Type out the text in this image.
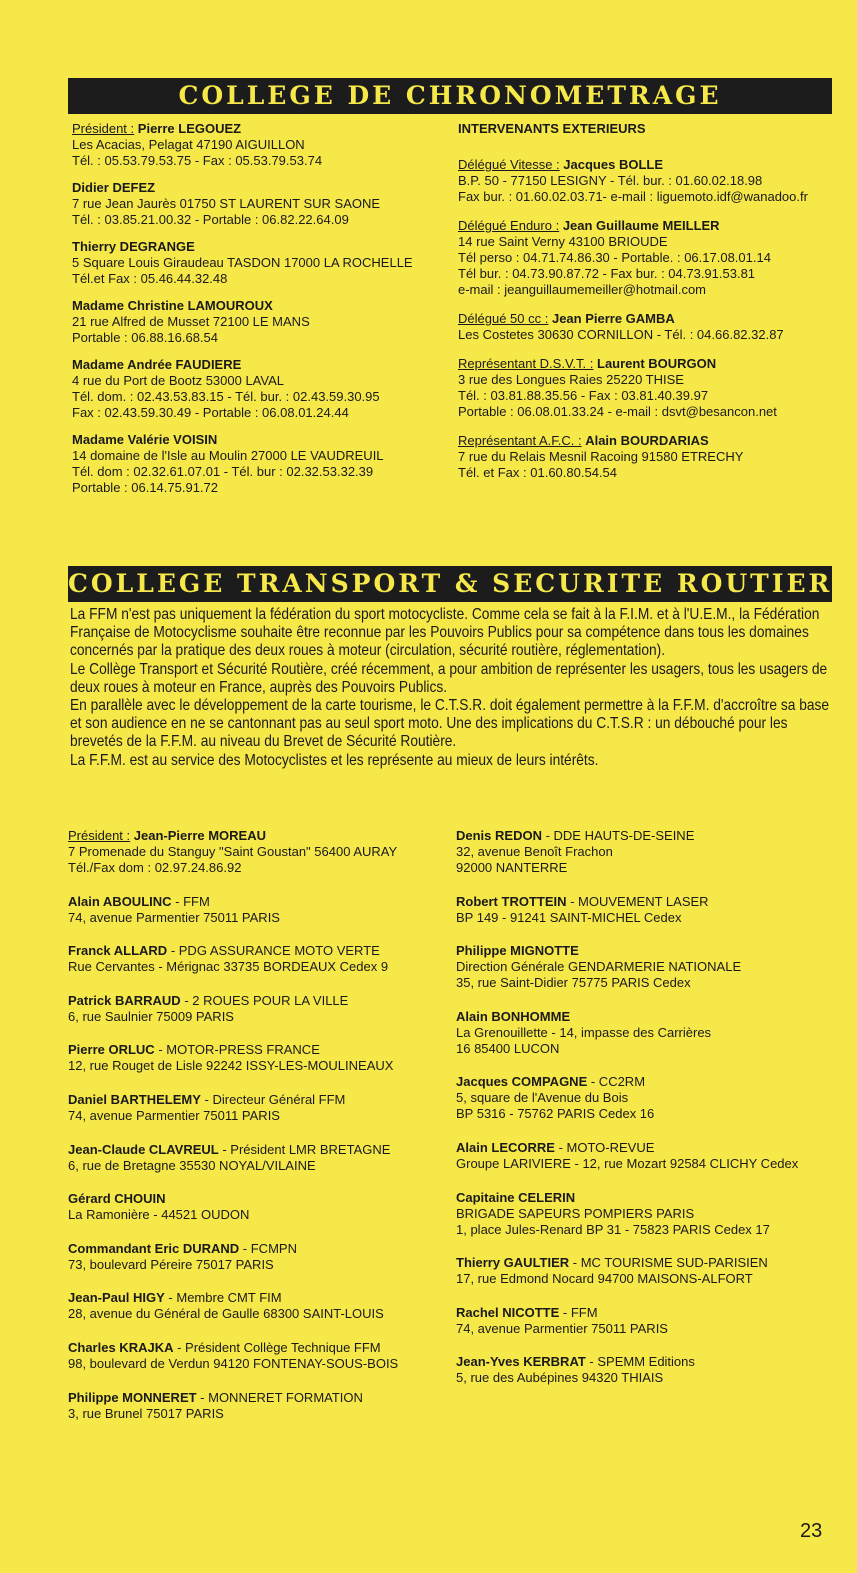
COLLEGE DE CHRONOMETRAGE
Président : Pierre LEGOUEZ
Les Acacias, Pelagat 47190 AIGUILLON
Tél. : 05.53.79.53.75 - Fax : 05.53.79.53.74
Didier DEFEZ
7 rue Jean Jaurès 01750 ST LAURENT SUR SAONE
Tél. : 03.85.21.00.32 - Portable : 06.82.22.64.09
Thierry DEGRANGE
5 Square Louis Giraudeau TASDON 17000 LA ROCHELLE
Tél.et Fax : 05.46.44.32.48
Madame Christine LAMOUROUX
21 rue Alfred de Musset 72100 LE MANS
Portable : 06.88.16.68.54
Madame Andrée FAUDIERE
4 rue du Port de Bootz 53000 LAVAL
Tél. dom. : 02.43.53.83.15 - Tél. bur. : 02.43.59.30.95
Fax : 02.43.59.30.49 - Portable : 06.08.01.24.44
Madame Valérie VOISIN
14 domaine de l'Isle au Moulin 27000 LE VAUDREUIL
Tél. dom : 02.32.61.07.01 - Tél. bur : 02.32.53.32.39
Portable : 06.14.75.91.72
INTERVENANTS EXTERIEURS
Délégué Vitesse : Jacques BOLLE
B.P. 50 - 77150 LESIGNY - Tél. bur. : 01.60.02.18.98
Fax bur. : 01.60.02.03.71- e-mail : liguemoto.idf@wanadoo.fr
Délégué Enduro : Jean Guillaume MEILLER
14 rue Saint Verny 43100 BRIOUDE
Tél perso : 04.71.74.86.30 - Portable. : 06.17.08.01.14
Tél bur. : 04.73.90.87.72 - Fax bur. : 04.73.91.53.81
e-mail : jeanguillaumemeiller@hotmail.com
Délégué 50 cc : Jean Pierre GAMBA
Les Costetes 30630 CORNILLON - Tél. : 04.66.82.32.87
Représentant D.S.V.T. : Laurent BOURGON
3 rue des Longues Raies 25220 THISE
Tél. : 03.81.88.35.56 - Fax : 03.81.40.39.97
Portable : 06.08.01.33.24 - e-mail : dsvt@besancon.net
Représentant A.F.C. : Alain BOURDARIAS
7 rue du Relais Mesnil Racoing 91580 ETRECHY
Tél. et Fax : 01.60.80.54.54
COLLEGE TRANSPORT & SECURITE ROUTIERE

La FFM n'est pas uniquement la fédération du sport motocycliste. Comme cela se fait à la F.I.M. et à l'U.E.M., la Fédération Française de Motocyclisme souhaite être reconnue par les Pouvoirs Publics pour sa compétence dans tous les domaines concernés par la pratique des deux roues à moteur (circulation, sécurité routière, réglementation).

Le Collège Transport et Sécurité Routière, créé récemment, a pour ambition de représenter les usagers, tous les usagers de deux roues à moteur en France, auprès des Pouvoirs Publics.

En parallèle avec le développement de la carte tourisme, le C.T.S.R. doit également permettre à la F.F.M. d'accroître sa base et son audience en ne se cantonnant pas au seul sport moto. Une des implications du C.T.S.R : un débouché pour les brevetés de la F.F.M. au niveau du Brevet de Sécurité Routière.

La F.F.M. est au service des Motocyclistes et les représente au mieux de leurs intérêts.

Président : Jean-Pierre MOREAU
7 Promenade du Stanguy "Saint Goustan" 56400 AURAY
Tél./Fax dom : 02.97.24.86.92
Alain ABOULINC - FFM
74, avenue Parmentier 75011 PARIS
Franck ALLARD - PDG ASSURANCE MOTO VERTE
Rue Cervantes - Mérignac 33735 BORDEAUX Cedex 9
Patrick BARRAUD - 2 ROUES POUR LA VILLE
6, rue Saulnier 75009 PARIS
Pierre ORLUC - MOTOR-PRESS FRANCE
12, rue Rouget de Lisle 92242 ISSY-LES-MOULINEAUX
Daniel BARTHELEMY - Directeur Général FFM
74, avenue Parmentier 75011 PARIS
Jean-Claude CLAVREUL - Président LMR BRETAGNE
6, rue de Bretagne 35530 NOYAL/VILAINE
Gérard CHOUIN
La Ramonière - 44521 OUDON
Commandant Eric DURAND - FCMPN
73, boulevard Péreire 75017 PARIS
Jean-Paul HIGY - Membre CMT FIM
28, avenue du Général de Gaulle 68300 SAINT-LOUIS
Charles KRAJKA - Président Collège Technique FFM
98, boulevard de Verdun 94120 FONTENAY-SOUS-BOIS
Philippe MONNERET - MONNERET FORMATION
3, rue Brunel 75017 PARIS
Denis REDON - DDE HAUTS-DE-SEINE
32, avenue Benoît Frachon
92000 NANTERRE
Robert TROTTEIN - MOUVEMENT LASER
BP 149 - 91241 SAINT-MICHEL Cedex
Philippe MIGNOTTE
Direction Générale GENDARMERIE NATIONALE
35, rue Saint-Didier 75775 PARIS Cedex
Alain BONHOMME
La Grenouillette - 14, impasse des Carrières
16 85400 LUCON
Jacques COMPAGNE - CC2RM
5, square de l'Avenue du Bois
BP 5316 - 75762 PARIS Cedex 16
Alain LECORRE - MOTO-REVUE
Groupe LARIVIERE - 12, rue Mozart 92584 CLICHY Cedex
Capitaine CELERIN
BRIGADE SAPEURS POMPIERS PARIS
1, place Jules-Renard BP 31 - 75823 PARIS Cedex 17
Thierry GAULTIER - MC TOURISME SUD-PARISIEN
17, rue Edmond Nocard 94700 MAISONS-ALFORT
Rachel NICOTTE - FFM
74, avenue Parmentier 75011 PARIS
Jean-Yves KERBRAT - SPEMM Editions
5, rue des Aubépines 94320 THIAIS
23
